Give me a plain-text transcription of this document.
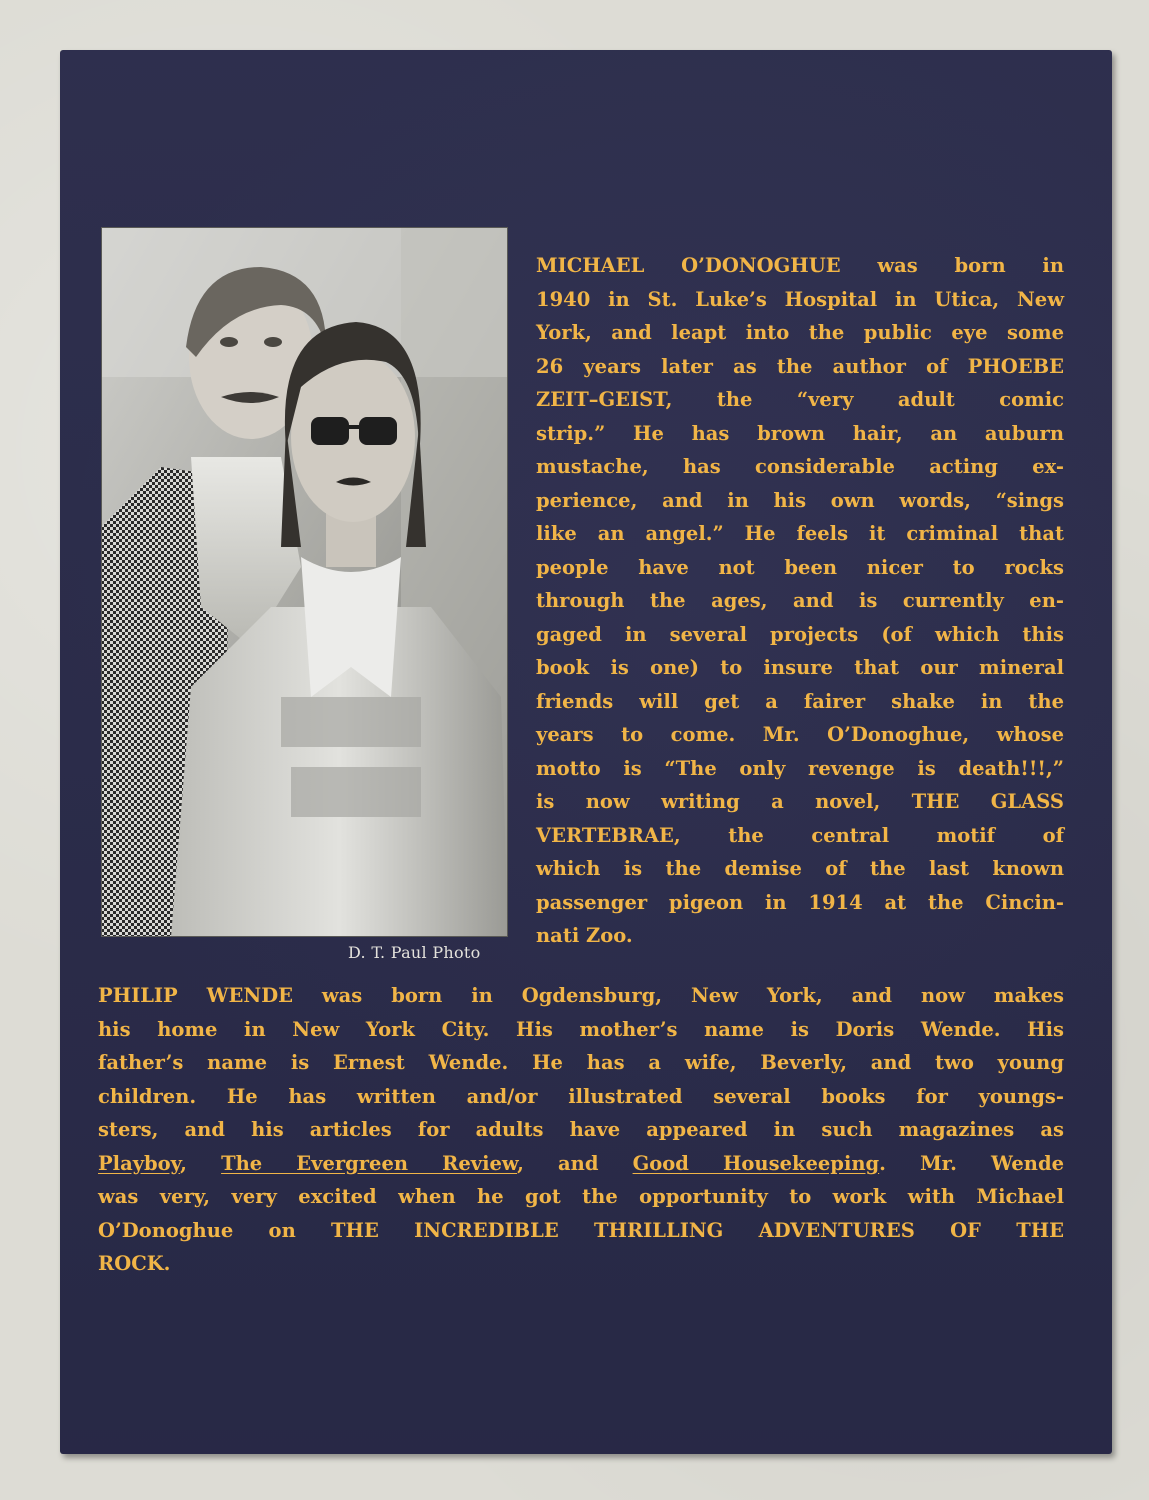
D. T. Paul Photo
MICHAEL O’DONOGHUE was born in
1940 in St. Luke’s Hospital in Utica, New
York, and leapt into the public eye some
26 years later as the author of PHOEBE
ZEIT–GEIST, the “very adult comic
strip.” He has brown hair, an auburn
mustache, has considerable acting ex-
perience, and in his own words, “sings
like an angel.” He feels it criminal that
people have not been nicer to rocks
through the ages, and is currently en-
gaged in several projects (of which this
book is one) to insure that our mineral
friends will get a fairer shake in the
years to come. Mr. O’Donoghue, whose
motto is “The only revenge is death!!!,”
is now writing a novel, THE GLASS
VERTEBRAE, the central motif of
which is the demise of the last known
passenger pigeon in 1914 at the Cincin-
nati Zoo.
PHILIP WENDE was born in Ogdensburg, New York, and now makes
his home in New York City. His mother’s name is Doris Wende. His
father’s name is Ernest Wende. He has a wife, Beverly, and two young
children. He has written and/or illustrated several books for youngs-
sters, and his articles for adults have appeared in such magazines as
Playboy, The Evergreen Review, and Good Housekeeping. Mr. Wende
was very, very excited when he got the opportunity to work with Michael
O’Donoghue on THE INCREDIBLE THRILLING ADVENTURES OF THE
ROCK.
